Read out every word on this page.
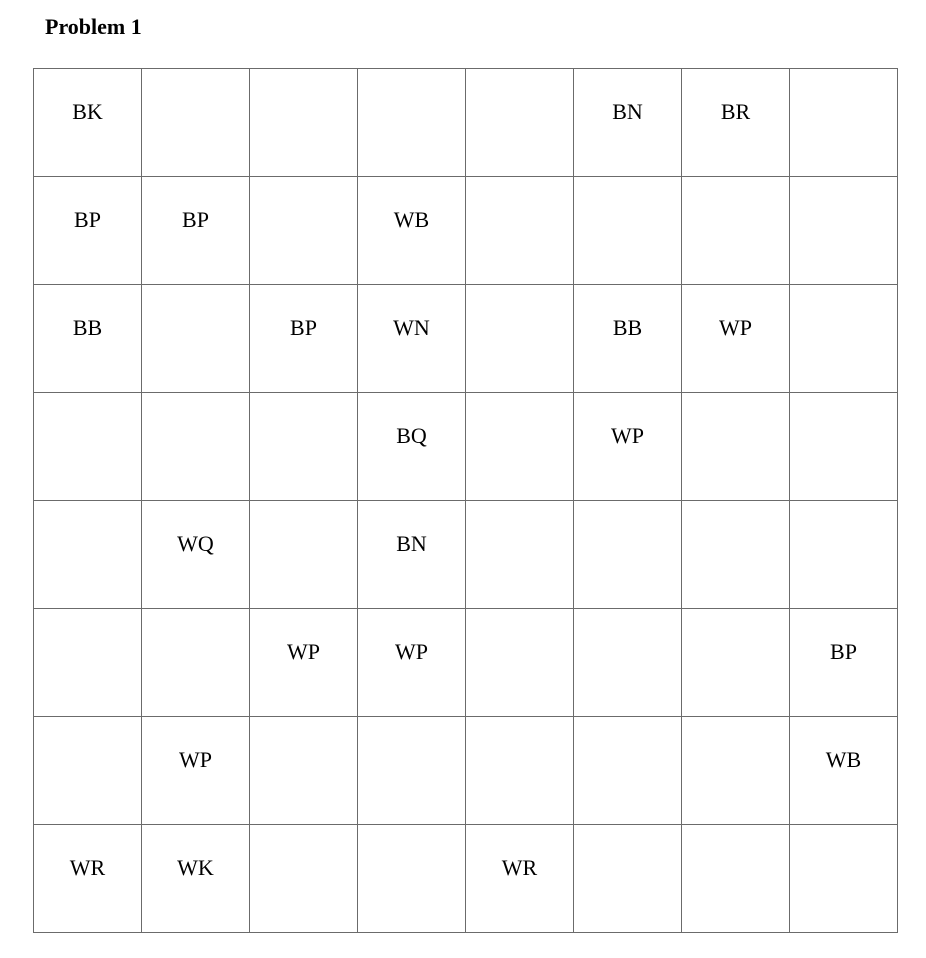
Problem 1
BK					BN	BR	

BP	BP		WB				

BB		BP	WN		BB	WP	

			BQ		WP		

	WQ		BN				

		WP	WP				BP

	WP						WB

WR	WK			WR			
